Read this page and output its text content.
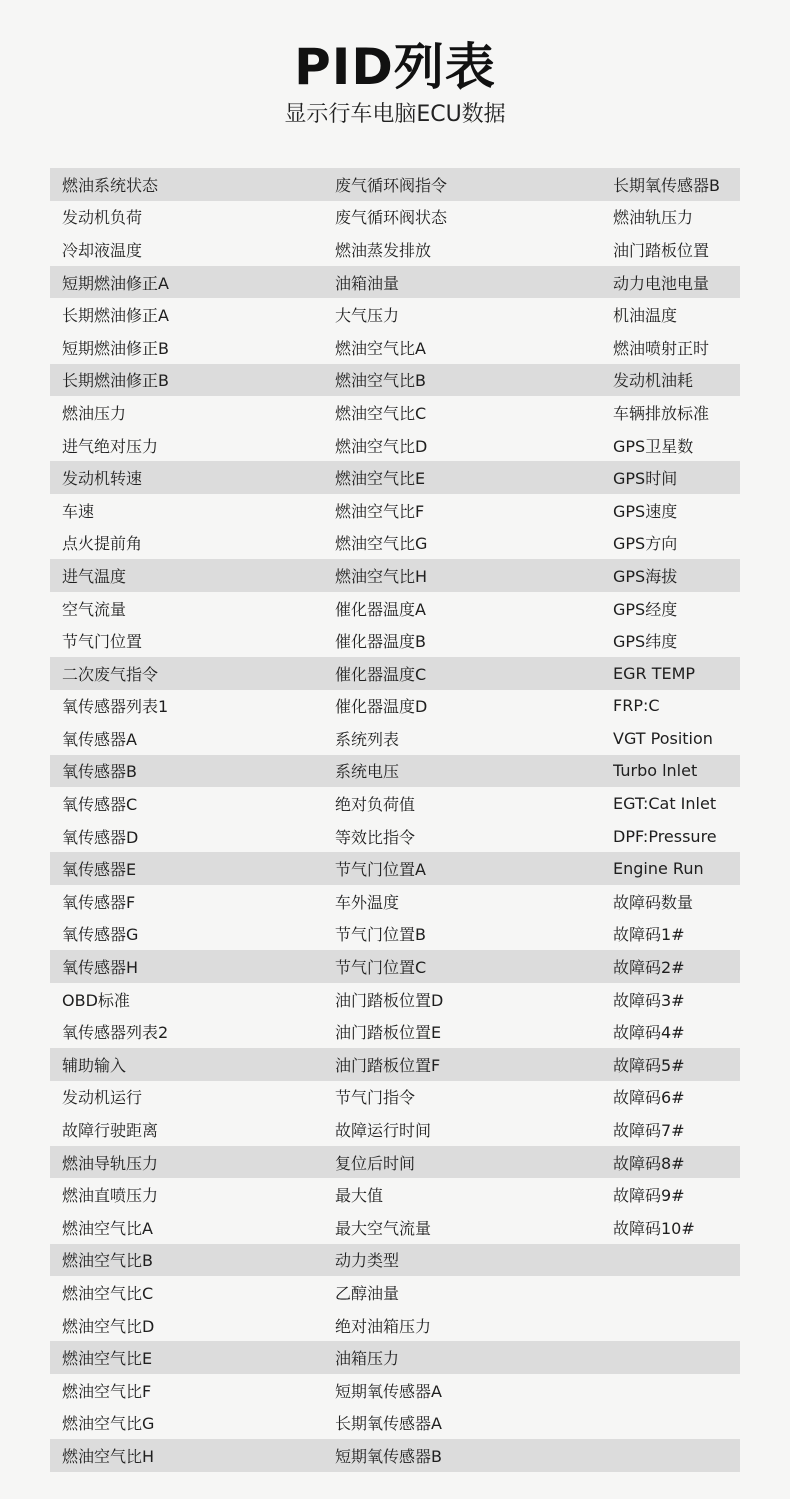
PID列表
显示行车电脑ECU数据
燃油系统状态	废气循环阀指令	长期氧传感器B
发动机负荷	废气循环阀状态	燃油轨压力
冷却液温度	燃油蒸发排放	油门踏板位置
短期燃油修正A	油箱油量	动力电池电量
长期燃油修正A	大气压力	机油温度
短期燃油修正B	燃油空气比A	燃油喷射正时
长期燃油修正B	燃油空气比B	发动机油耗
燃油压力	燃油空气比C	车辆排放标准
进气绝对压力	燃油空气比D	GPS卫星数
发动机转速	燃油空气比E	GPS时间
车速	燃油空气比F	GPS速度
点火提前角	燃油空气比G	GPS方向
进气温度	燃油空气比H	GPS海拔
空气流量	催化器温度A	GPS经度
节气门位置	催化器温度B	GPS纬度
二次废气指令	催化器温度C	EGR TEMP
氧传感器列表1	催化器温度D	FRP:C
氧传感器A	系统列表	VGT Position
氧传感器B	系统电压	Turbo lnlet
氧传感器C	绝对负荷值	EGT:Cat Inlet
氧传感器D	等效比指令	DPF:Pressure
氧传感器E	节气门位置A	Engine Run
氧传感器F	车外温度	故障码数量
氧传感器G	节气门位置B	故障码1#
氧传感器H	节气门位置C	故障码2#
OBD标准	油门踏板位置D	故障码3#
氧传感器列表2	油门踏板位置E	故障码4#
辅助输入	油门踏板位置F	故障码5#
发动机运行	节气门指令	故障码6#
故障行驶距离	故障运行时间	故障码7#
燃油导轨压力	复位后时间	故障码8#
燃油直喷压力	最大值	故障码9#
燃油空气比A	最大空气流量	故障码10#
燃油空气比B	动力类型
燃油空气比C	乙醇油量
燃油空气比D	绝对油箱压力
燃油空气比E	油箱压力
燃油空气比F	短期氧传感器A
燃油空气比G	长期氧传感器A
燃油空气比H	短期氧传感器B
